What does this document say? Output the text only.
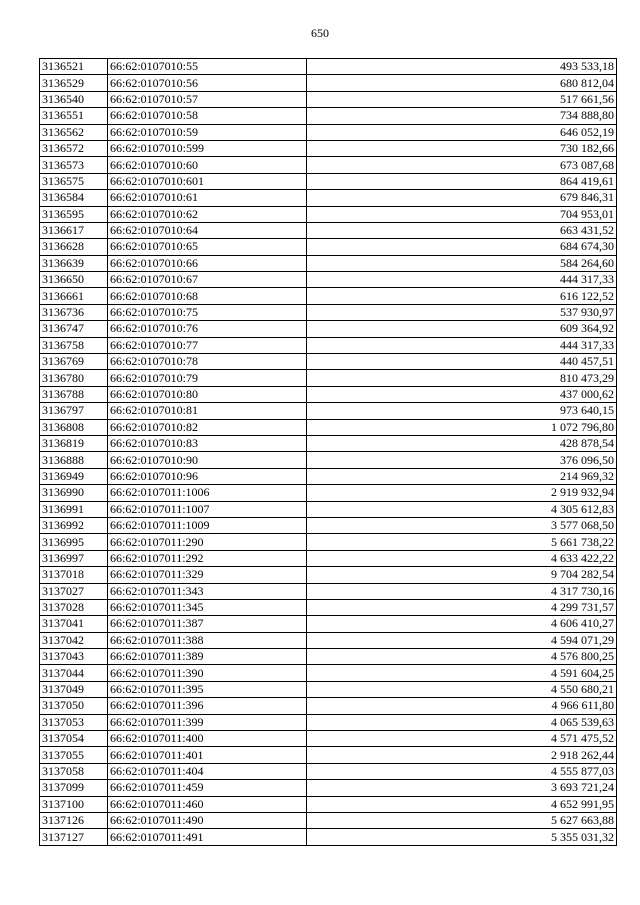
650
3136521	66:62:0107010:55	493 533,18
3136529	66:62:0107010:56	680 812,04
3136540	66:62:0107010:57	517 661,56
3136551	66:62:0107010:58	734 888,80
3136562	66:62:0107010:59	646 052,19
3136572	66:62:0107010:599	730 182,66
3136573	66:62:0107010:60	673 087,68
3136575	66:62:0107010:601	864 419,61
3136584	66:62:0107010:61	679 846,31
3136595	66:62:0107010:62	704 953,01
3136617	66:62:0107010:64	663 431,52
3136628	66:62:0107010:65	684 674,30
3136639	66:62:0107010:66	584 264,60
3136650	66:62:0107010:67	444 317,33
3136661	66:62:0107010:68	616 122,52
3136736	66:62:0107010:75	537 930,97
3136747	66:62:0107010:76	609 364,92
3136758	66:62:0107010:77	444 317,33
3136769	66:62:0107010:78	440 457,51
3136780	66:62:0107010:79	810 473,29
3136788	66:62:0107010:80	437 000,62
3136797	66:62:0107010:81	973 640,15
3136808	66:62:0107010:82	1 072 796,80
3136819	66:62:0107010:83	428 878,54
3136888	66:62:0107010:90	376 096,50
3136949	66:62:0107010:96	214 969,32
3136990	66:62:0107011:1006	2 919 932,94
3136991	66:62:0107011:1007	4 305 612,83
3136992	66:62:0107011:1009	3 577 068,50
3136995	66:62:0107011:290	5 661 738,22
3136997	66:62:0107011:292	4 633 422,22
3137018	66:62:0107011:329	9 704 282,54
3137027	66:62:0107011:343	4 317 730,16
3137028	66:62:0107011:345	4 299 731,57
3137041	66:62:0107011:387	4 606 410,27
3137042	66:62:0107011:388	4 594 071,29
3137043	66:62:0107011:389	4 576 800,25
3137044	66:62:0107011:390	4 591 604,25
3137049	66:62:0107011:395	4 550 680,21
3137050	66:62:0107011:396	4 966 611,80
3137053	66:62:0107011:399	4 065 539,63
3137054	66:62:0107011:400	4 571 475,52
3137055	66:62:0107011:401	2 918 262,44
3137058	66:62:0107011:404	4 555 877,03
3137099	66:62:0107011:459	3 693 721,24
3137100	66:62:0107011:460	4 652 991,95
3137126	66:62:0107011:490	5 627 663,88
3137127	66:62:0107011:491	5 355 031,32
